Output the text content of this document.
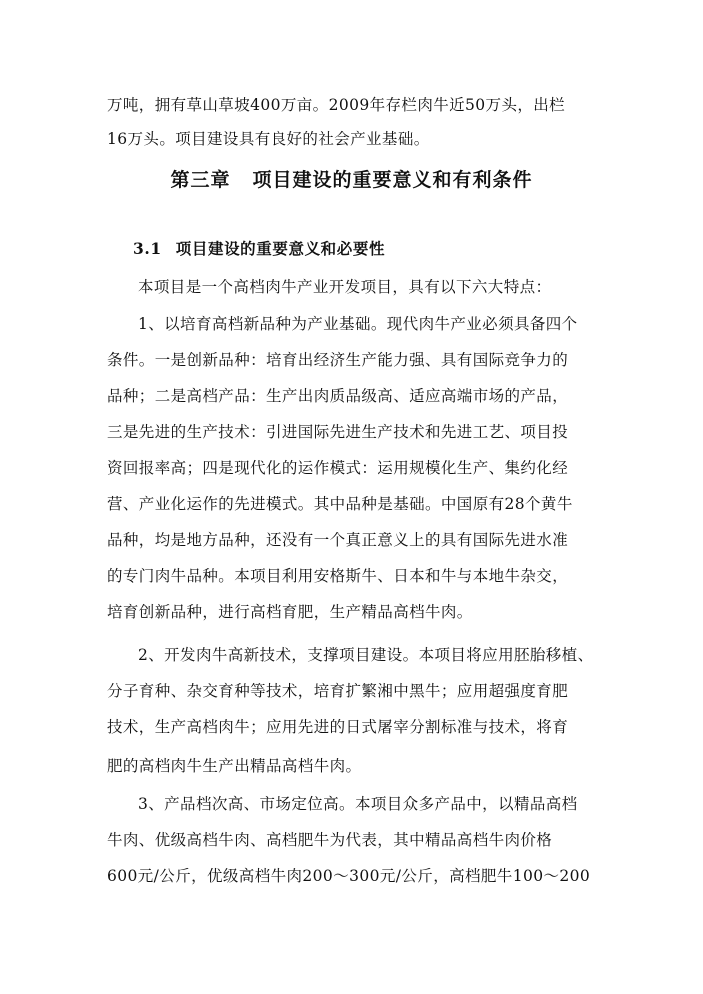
万吨，拥有草山草坡400万亩。2009年存栏肉牛近50万头，出栏
16万头。项目建设具有良好的社会产业基础。
第三章 项目建设的重要意义和有利条件
3.1 项目建设的重要意义和必要性
本项目是一个高档肉牛产业开发项目，具有以下六大特点：
1、以培育高档新品种为产业基础。现代肉牛产业必须具备四个
条件。一是创新品种：培育出经济生产能力强、具有国际竞争力的
品种；二是高档产品：生产出肉质品级高、适应高端市场的产品，
三是先进的生产技术：引进国际先进生产技术和先进工艺、项目投
资回报率高；四是现代化的运作模式：运用规模化生产、集约化经
营、产业化运作的先进模式。其中品种是基础。中国原有28个黄牛
品种，均是地方品种，还没有一个真正意义上的具有国际先进水准
的专门肉牛品种。本项目利用安格斯牛、日本和牛与本地牛杂交，
培育创新品种，进行高档育肥，生产精品高档牛肉。
2、开发肉牛高新技术，支撑项目建设。本项目将应用胚胎移植、
分子育种、杂交育种等技术，培育扩繁湘中黑牛；应用超强度育肥
技术，生产高档肉牛；应用先进的日式屠宰分割标准与技术，将育
肥的高档肉牛生产出精品高档牛肉。
3、产品档次高、市场定位高。本项目众多产品中，以精品高档
牛肉、优级高档牛肉、高档肥牛为代表，其中精品高档牛肉价格
600元/公斤，优级高档牛肉200～300元/公斤，高档肥牛100～200
